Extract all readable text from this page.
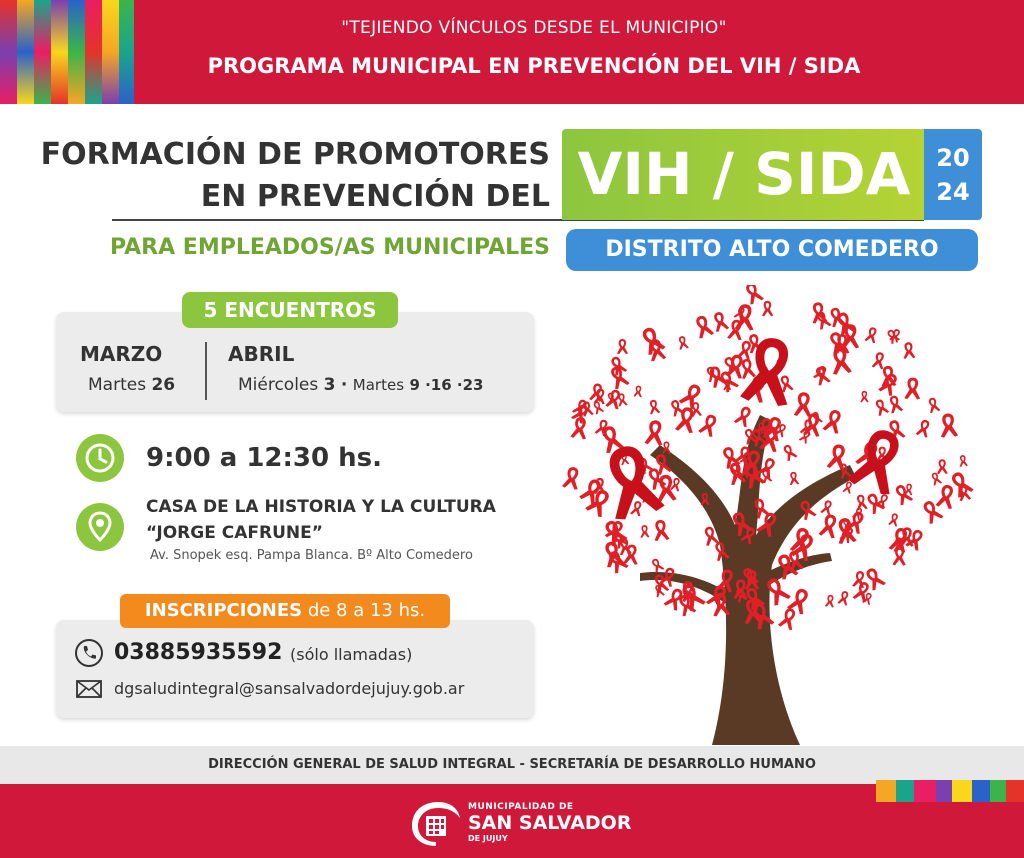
"TEJIENDO VÍNCULOS DESDE EL MUNICIPIO"
PROGRAMA MUNICIPAL EN PREVENCIÓN DEL VIH / SIDA
FORMACIÓN DE PROMOTORES
EN PREVENCIÓN DEL VIH / SIDA	20
24
PARA EMPLEADOS/AS MUNICIPALES	DISTRITO ALTO COMEDERO
5 ENCUENTROS
MARZO
Martes 26
ABRIL
Miércoles 3 · Martes 9 ·16 ·23
9:00 a 12:30 hs.
CASA DE LA HISTORIA Y LA CULTURA
“JORGE CAFRUNE”
Av. Snopek esq. Pampa Blanca. Bº Alto Comedero
INSCRIPCIONES de 8 a 13 hs.
03885935592 (sólo llamadas)
dgsaludintegral@sansalvadordejujuy.gob.ar
DIRECCIÓN GENERAL DE SALUD INTEGRAL - SECRETARÍA DE DESARROLLO HUMANO
MUNICIPALIDAD DE
SAN SALVADOR
DE JUJUY
